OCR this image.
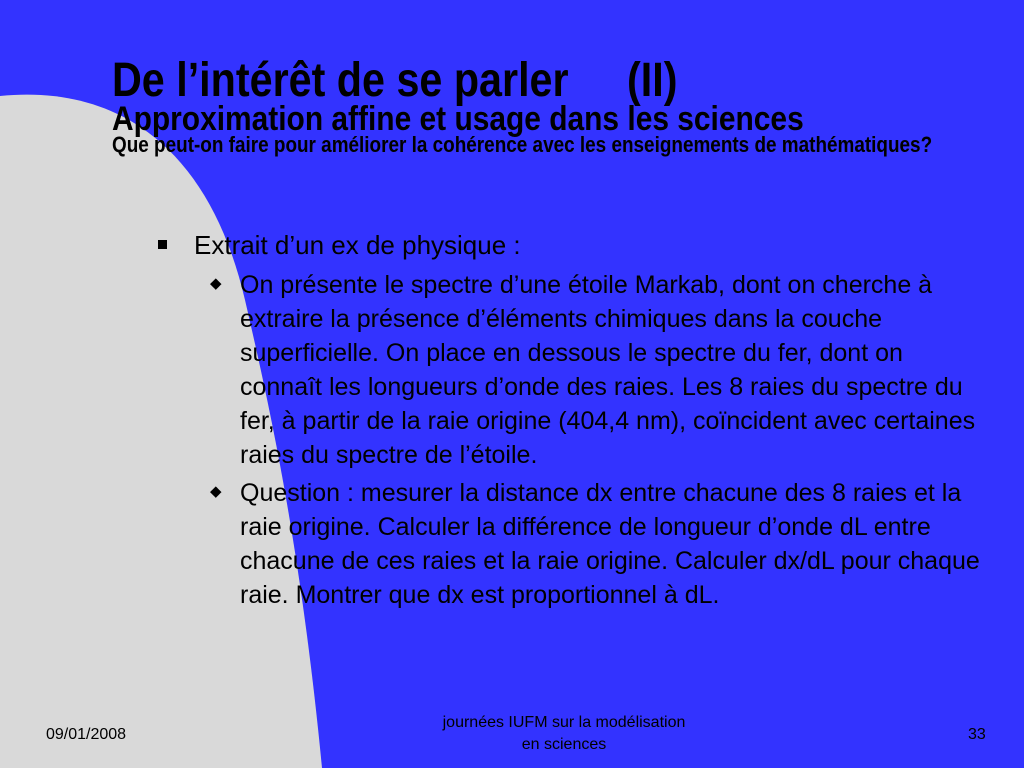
De l’intérêt de se parler (II)
Approximation affine et usage dans les sciences
Que peut-on faire pour améliorer la cohérence avec les enseignements de mathématiques?
Extrait d’un ex de physique :
◆ On présente le spectre d’une étoile Markab, dont on cherche à extraire la présence d’éléments chimiques dans la couche superficielle. On place en dessous le spectre du fer, dont on connaît les longueurs d’onde des raies. Les 8 raies du spectre du fer, à partir de la raie origine (404,4 nm), coïncident avec certaines raies du spectre de l’étoile.
◆ Question : mesurer la distance dx entre chacune des 8 raies et la raie origine. Calculer la différence de longueur d’onde dL entre chacune de ces raies et la raie origine. Calculer dx/dL pour chaque raie. Montrer que dx est proportionnel à dL.
09/01/2008
journées IUFM sur la modélisation
en sciences
33
